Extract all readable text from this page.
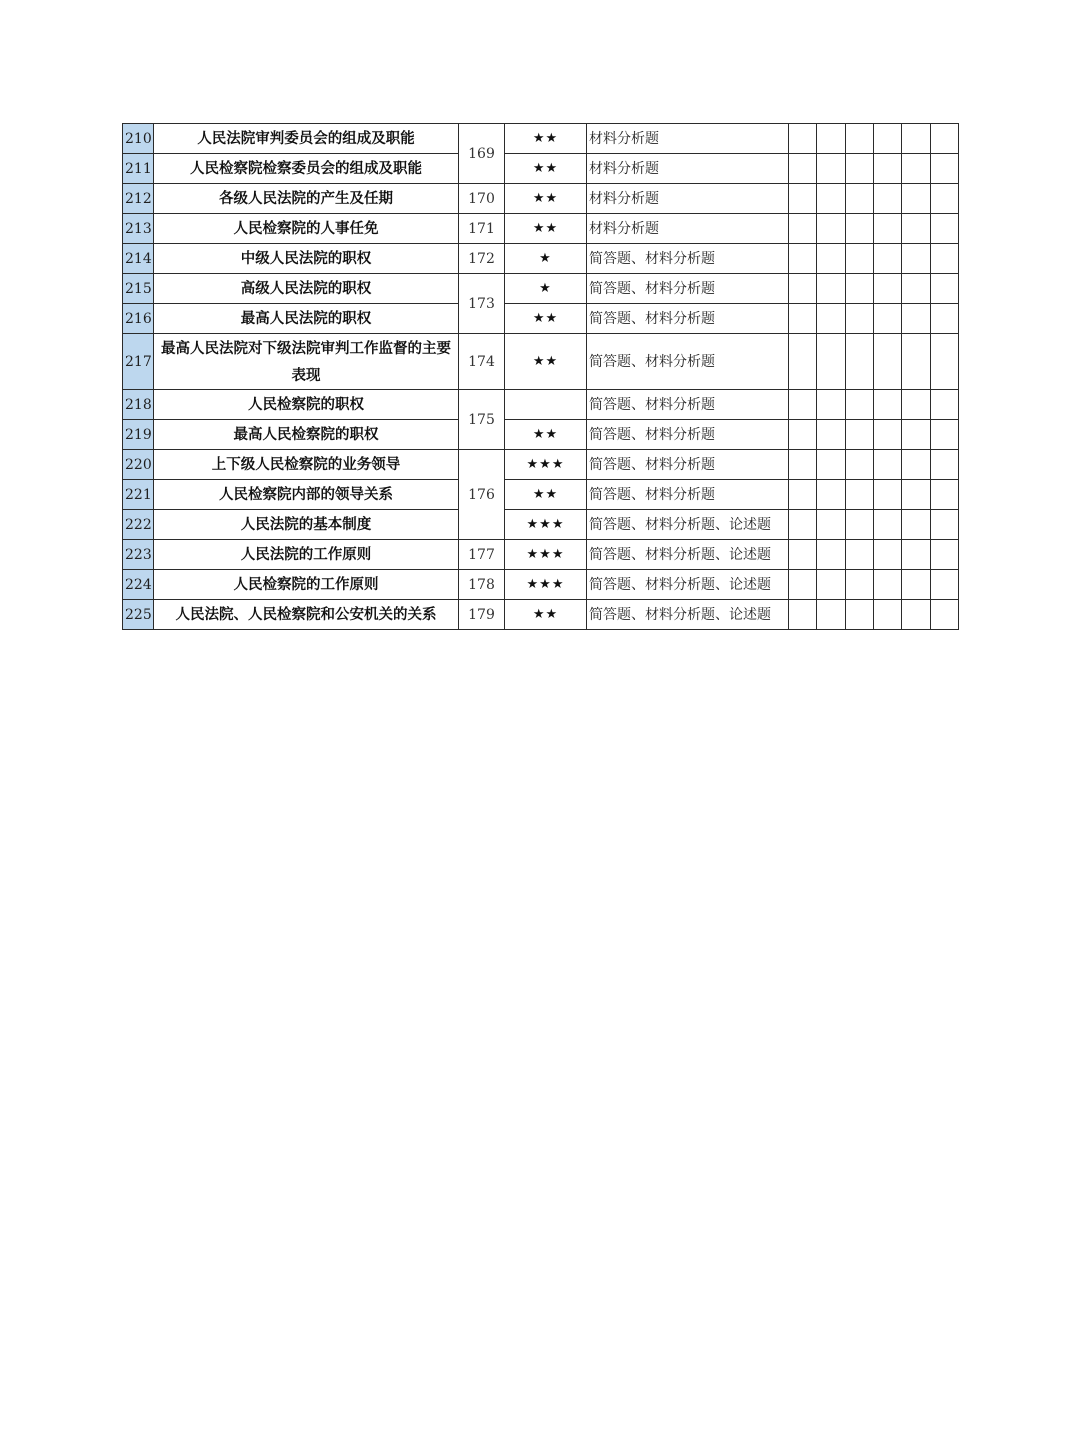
210	人民法院审判委员会的组成及职能	169	★★	材料分析题						
211	人民检察院检察委员会的组成及职能		★★	材料分析题						
212	各级人民法院的产生及任期	170	★★	材料分析题						
213	人民检察院的人事任免	171	★★	材料分析题						
214	中级人民法院的职权	172	★	简答题、材料分析题						
215	高级人民法院的职权	173	★	简答题、材料分析题						
216	最高人民法院的职权		★★	简答题、材料分析题						
217	最高人民法院对下级法院审判工作监督的主要表现	174	★★	简答题、材料分析题						
218	人民检察院的职权	175		简答题、材料分析题						
219	最高人民检察院的职权		★★	简答题、材料分析题						
220	上下级人民检察院的业务领导	176	★★★	简答题、材料分析题						
221	人民检察院内部的领导关系		★★	简答题、材料分析题						
222	人民法院的基本制度		★★★	简答题、材料分析题、论述题						
223	人民法院的工作原则	177	★★★	简答题、材料分析题、论述题						
224	人民检察院的工作原则	178	★★★	简答题、材料分析题、论述题						
225	人民法院、人民检察院和公安机关的关系	179	★★	简答题、材料分析题、论述题						
